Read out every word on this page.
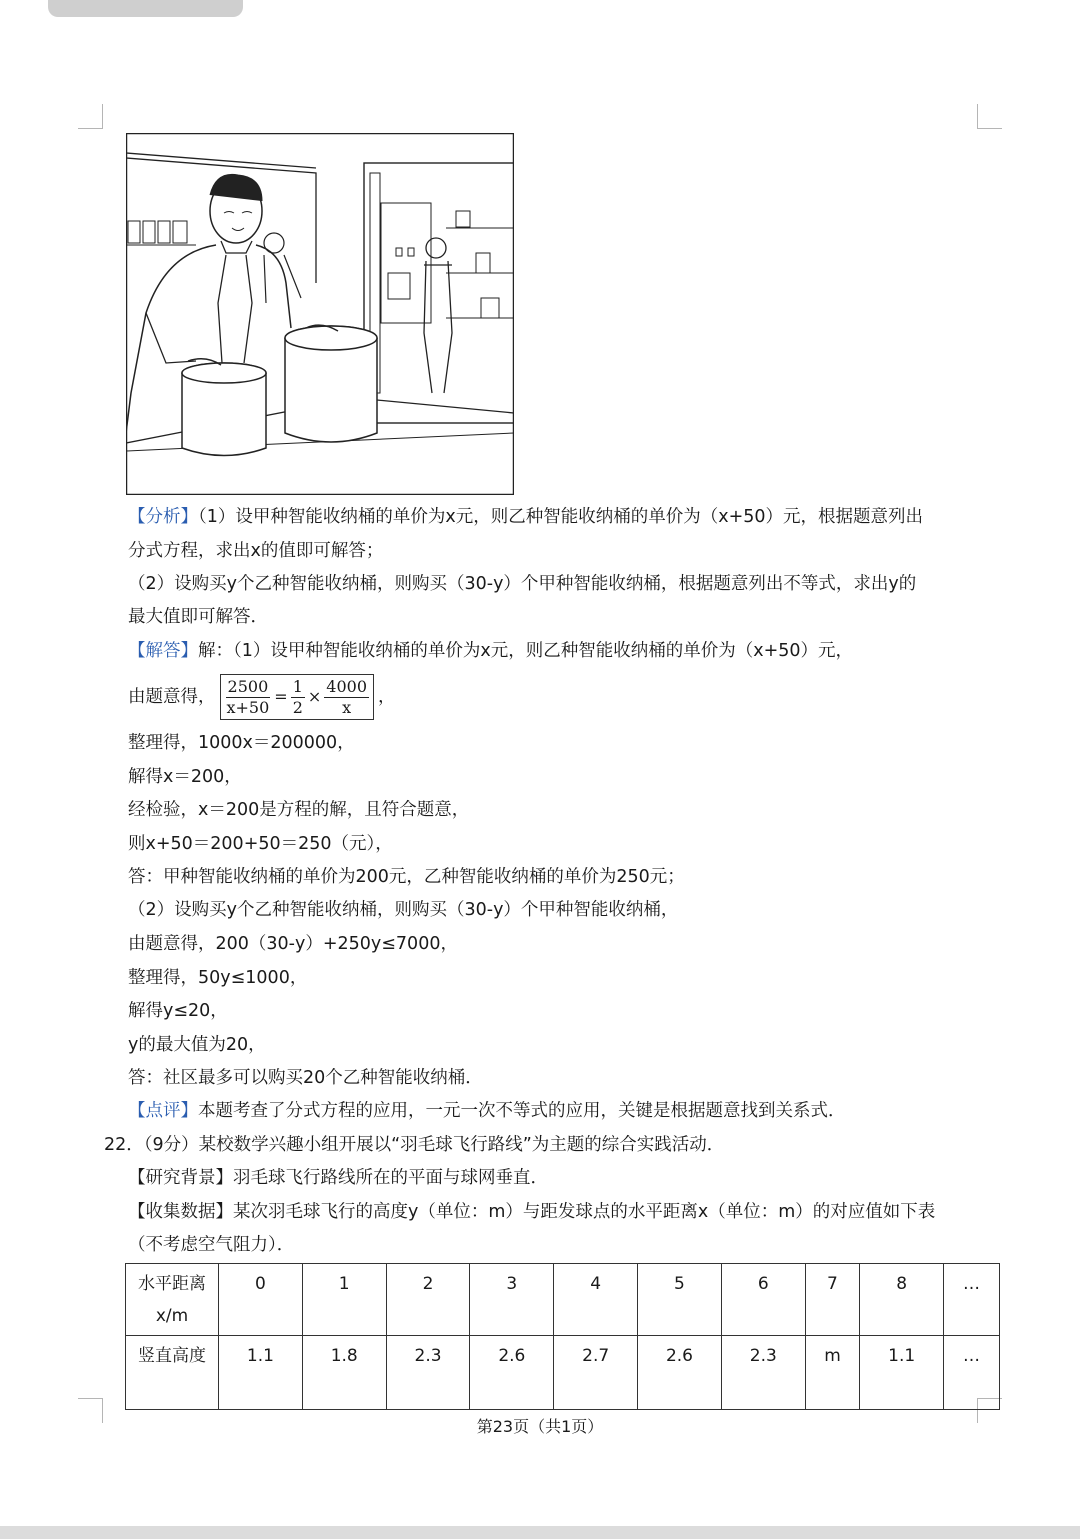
【分析】（1）设甲种智能收纳桶的单价为x元，则乙种智能收纳桶的单价为（x+50）元，根据题意列出
分式方程，求出x的值即可解答；
（2）设购买y个乙种智能收纳桶，则购买（30-y）个甲种智能收纳桶，根据题意列出不等式，求出y的
最大值即可解答．
【解答】解：（1）设甲种智能收纳桶的单价为x元，则乙种智能收纳桶的单价为（x+50）元，
由题意得， $\frac{2500}{x+50} = \frac{1}{2} \times \frac{4000}{x}$ ，
整理得，1000x＝200000，
解得x＝200，
经检验，x＝200是方程的解，且符合题意，
则x+50＝200+50＝250（元），
答：甲种智能收纳桶的单价为200元，乙种智能收纳桶的单价为250元；
（2）设购买y个乙种智能收纳桶，则购买（30-y）个甲种智能收纳桶，
由题意得，200（30-y）+250y≤7000，
整理得，50y≤1000，
解得y≤20，
y的最大值为20，
答：社区最多可以购买20个乙种智能收纳桶．
【点评】本题考查了分式方程的应用，一元一次不等式的应用，关键是根据题意找到关系式．
22．（9分）某校数学兴趣小组开展以“羽毛球飞行路线”为主题的综合实践活动．
【研究背景】羽毛球飞行路线所在的平面与球网垂直．
【收集数据】某次羽毛球飞行的高度y（单位：m）与距发球点的水平距离x（单位：m）的对应值如下表
（不考虑空气阻力）．
水平距离
x/m	0	1	2	3	4	5	6	7	8	…
竖直高度	1.1	1.8	2.3	2.6	2.7	2.6	2.3	m	1.1	…
第23页（共1页）
